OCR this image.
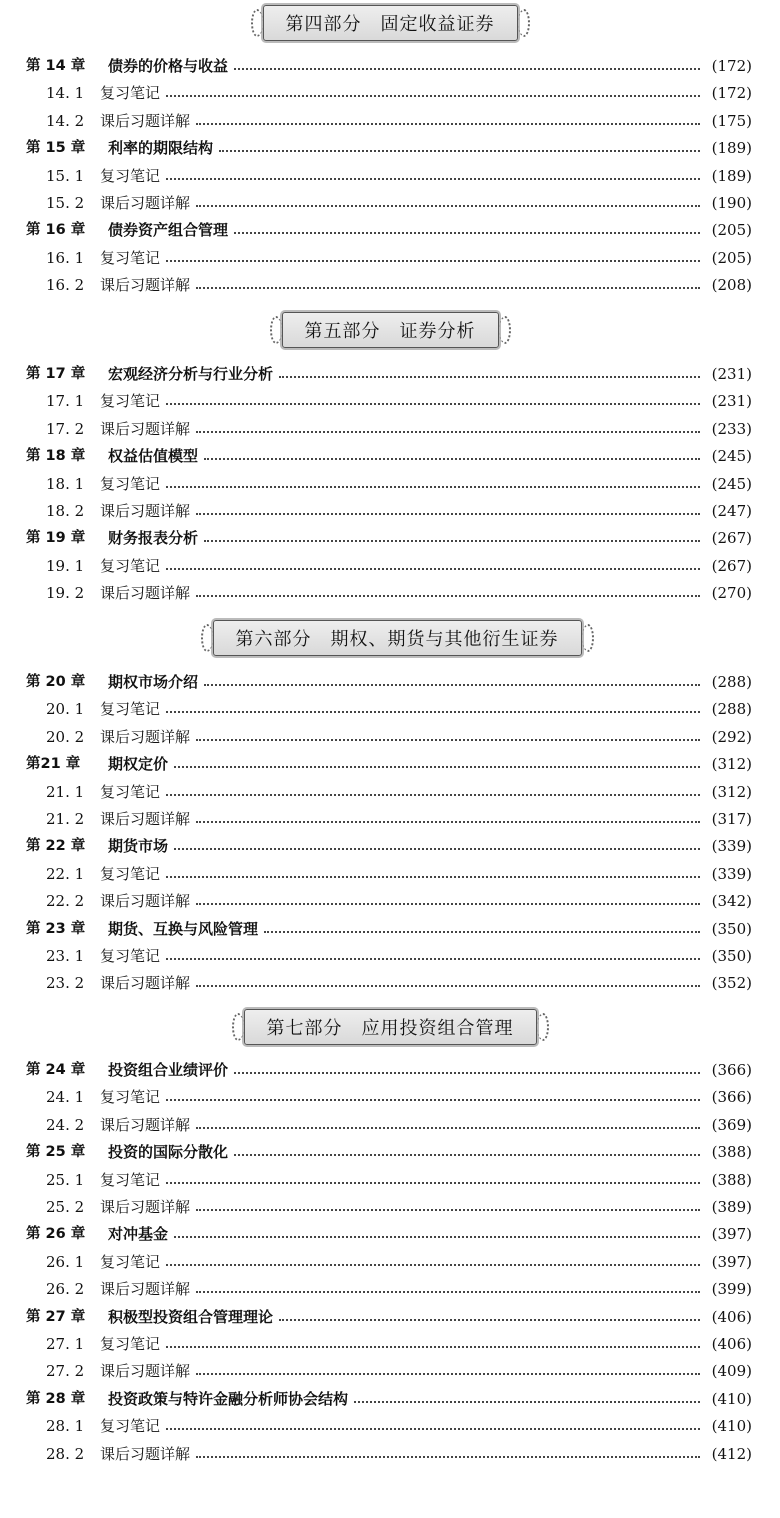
第四部分　固定收益证券
第 14 章	债券的价格与收益	(172)
14. 1	复习笔记	(172)
14. 2	课后习题详解	(175)
第 15 章	利率的期限结构	(189)
15. 1	复习笔记	(189)
15. 2	课后习题详解	(190)
第 16 章	债券资产组合管理	(205)
16. 1	复习笔记	(205)
16. 2	课后习题详解	(208)
第五部分　证券分析
第 17 章	宏观经济分析与行业分析	(231)
17. 1	复习笔记	(231)
17. 2	课后习题详解	(233)
第 18 章	权益估值模型	(245)
18. 1	复习笔记	(245)
18. 2	课后习题详解	(247)
第 19 章	财务报表分析	(267)
19. 1	复习笔记	(267)
19. 2	课后习题详解	(270)
第六部分　期权、期货与其他衍生证券
第 20 章	期权市场介绍	(288)
20. 1	复习笔记	(288)
20. 2	课后习题详解	(292)
第21 章	期权定价	(312)
21. 1	复习笔记	(312)
21. 2	课后习题详解	(317)
第 22 章	期货市场	(339)
22. 1	复习笔记	(339)
22. 2	课后习题详解	(342)
第 23 章	期货、互换与风险管理	(350)
23. 1	复习笔记	(350)
23. 2	课后习题详解	(352)
第七部分　应用投资组合管理
第 24 章	投资组合业绩评价	(366)
24. 1	复习笔记	(366)
24. 2	课后习题详解	(369)
第 25 章	投资的国际分散化	(388)
25. 1	复习笔记	(388)
25. 2	课后习题详解	(389)
第 26 章	对冲基金	(397)
26. 1	复习笔记	(397)
26. 2	课后习题详解	(399)
第 27 章	积极型投资组合管理理论	(406)
27. 1	复习笔记	(406)
27. 2	课后习题详解	(409)
第 28 章	投资政策与特许金融分析师协会结构	(410)
28. 1	复习笔记	(410)
28. 2	课后习题详解	(412)
